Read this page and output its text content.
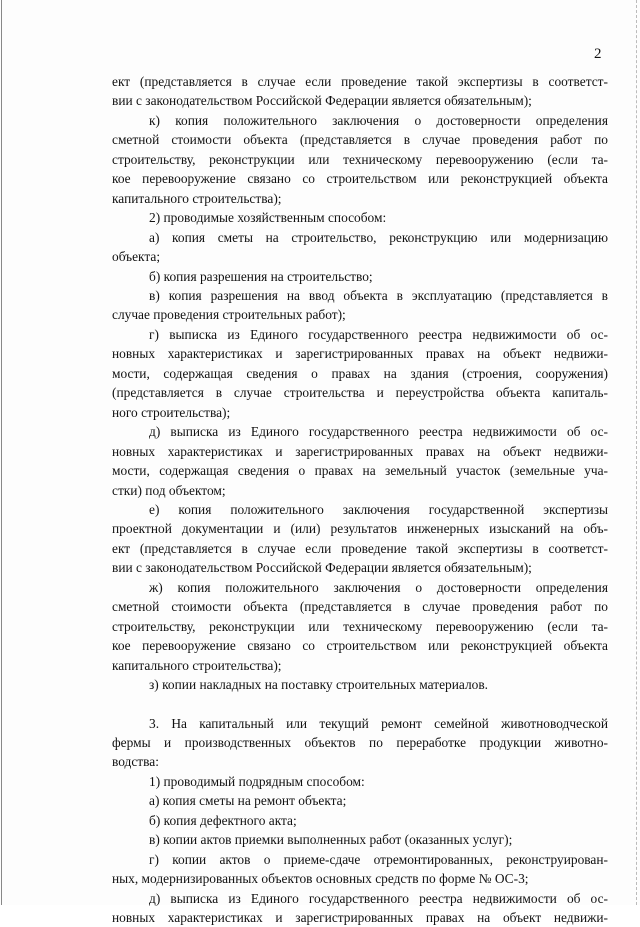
2
ект (представляется в случае если проведение такой экспертизы в соответст-
вии с законодательством Российской Федерации является обязательным);
к) копия положительного заключения о достоверности определения
сметной стоимости объекта (представляется в случае проведения работ по
строительству, реконструкции или техническому перевооружению (если та-
кое перевооружение связано со строительством или реконструкцией объекта
капитального строительства);
2) проводимые хозяйственным способом:
а) копия сметы на строительство, реконструкцию или модернизацию
объекта;
б) копия разрешения на строительство;
в) копия разрешения на ввод объекта в эксплуатацию (представляется в
случае проведения строительных работ);
г) выписка из Единого государственного реестра недвижимости об ос-
новных характеристиках и зарегистрированных правах на объект недвижи-
мости, содержащая сведения о правах на здания (строения, сооружения)
(представляется в случае строительства и переустройства объекта капиталь-
ного строительства);
д) выписка из Единого государственного реестра недвижимости об ос-
новных характеристиках и зарегистрированных правах на объект недвижи-
мости, содержащая сведения о правах на земельный участок (земельные уча-
стки) под объектом;
е) копия положительного заключения государственной экспертизы
проектной документации и (или) результатов инженерных изысканий на объ-
ект (представляется в случае если проведение такой экспертизы в соответст-
вии с законодательством Российской Федерации является обязательным);
ж) копия положительного заключения о достоверности определения
сметной стоимости объекта (представляется в случае проведения работ по
строительству, реконструкции или техническому перевооружению (если та-
кое перевооружение связано со строительством или реконструкцией объекта
капитального строительства);
з) копии накладных на поставку строительных материалов.
3. На капитальный или текущий ремонт семейной животноводческой
фермы и производственных объектов по переработке продукции животно-
водства:
1) проводимый подрядным способом:
а) копия сметы на ремонт объекта;
б) копия дефектного акта;
в) копии актов приемки выполненных работ (оказанных услуг);
г) копии актов о приеме-сдаче отремонтированных, реконструирован-
ных, модернизированных объектов основных средств по форме № ОС-3;
д) выписка из Единого государственного реестра недвижимости об ос-
новных характеристиках и зарегистрированных правах на объект недвижи-
